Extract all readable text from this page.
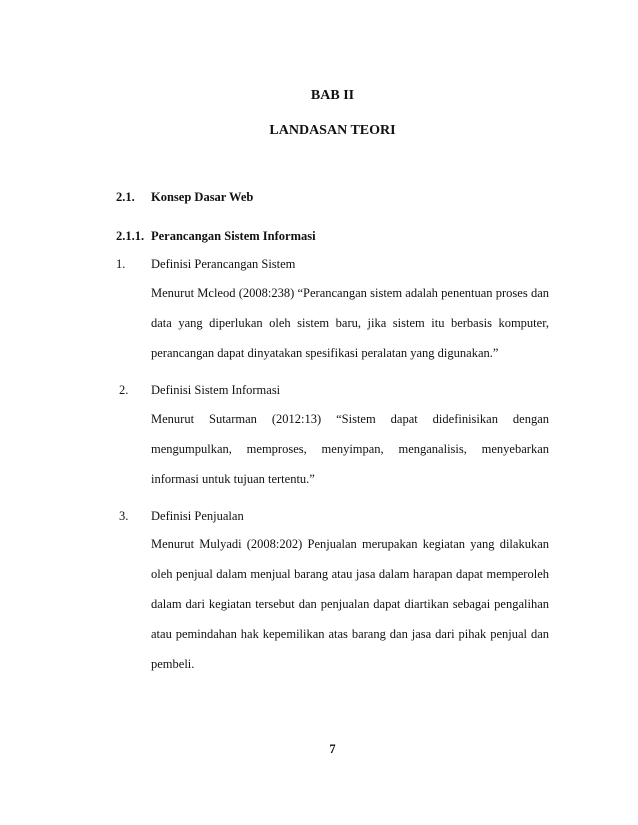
BAB II
LANDASAN TEORI
2.1. Konsep Dasar Web
2.1.1. Perancangan Sistem Informasi
1. Definisi Perancangan Sistem
Menurut Mcleod (2008:238) “Perancangan sistem adalah penentuan proses dan
data yang diperlukan oleh sistem baru, jika sistem itu berbasis komputer,
perancangan dapat dinyatakan spesifikasi peralatan yang digunakan.”
2. Definisi Sistem Informasi
Menurut Sutarman (2012:13) “Sistem dapat didefinisikan dengan
mengumpulkan, memproses, menyimpan, menganalisis, menyebarkan
informasi untuk tujuan tertentu.”
3. Definisi Penjualan
Menurut Mulyadi (2008:202) Penjualan merupakan kegiatan yang dilakukan
oleh penjual dalam menjual barang atau jasa dalam harapan dapat memperoleh
dalam dari kegiatan tersebut dan penjualan dapat diartikan sebagai pengalihan
atau pemindahan hak kepemilikan atas barang dan jasa dari pihak penjual dan
pembeli.
7
